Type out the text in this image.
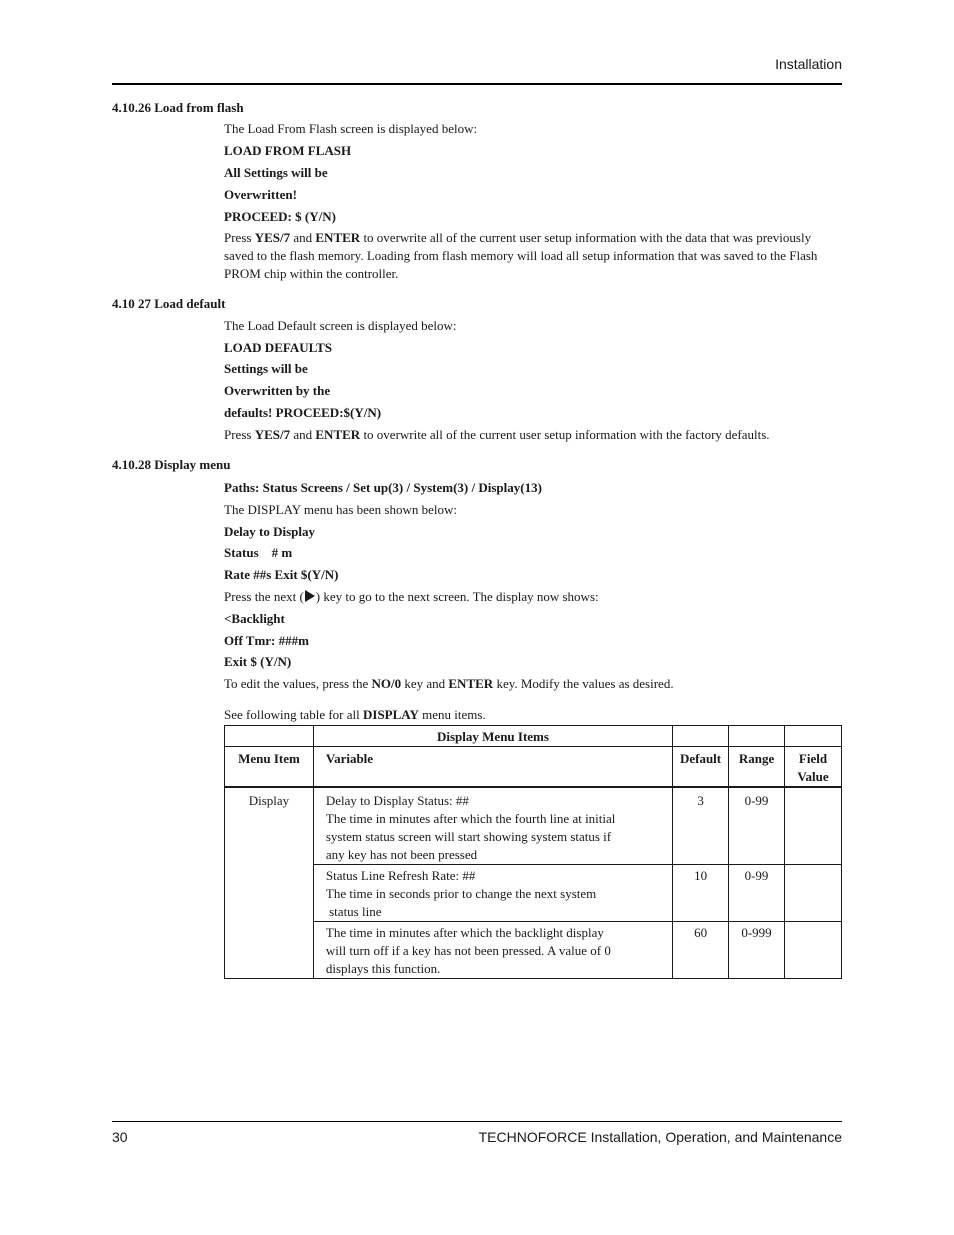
Installation
4.10.26 Load from flash
The Load From Flash screen is displayed below:
LOAD FROM FLASH
All Settings will be
Overwritten!
PROCEED: $ (Y/N)
Press YES/7 and ENTER to overwrite all of the current user setup information with the data that was previously saved to the flash memory. Loading from flash memory will load all setup information that was saved to the Flash PROM chip within the controller.
4.10 27 Load default
The Load Default screen is displayed below:
LOAD DEFAULTS
Settings will be
Overwritten by the
defaults! PROCEED:$(Y/N)
Press YES/7 and ENTER to overwrite all of the current user setup information with the factory defaults.
4.10.28 Display menu
Paths: Status Screens / Set up(3) / System(3) / Display(13)
The DISPLAY menu has been shown below:
Delay to Display
Status    # m
Rate ##s Exit $(Y/N)
Press the next ( ) key to go to the next screen. The display now shows:
<Backlight
Off Tmr: ###m
Exit $ (Y/N)
To edit the values, press the NO/0 key and ENTER key. Modify the values as desired.
See following table for all DISPLAY menu items.
	Display Menu Items			
Menu Item	Variable	Default	Range	Field
Value

Display	Delay to Display Status: ##
The time in minutes after which the fourth line at initial
system status screen will start showing system status if
any key has not been pressed	3	0-99	

	Status Line Refresh Rate: ##
The time in seconds prior to change the next system
status line	10	0-99	

	The time in minutes after which the backlight display
will turn off if a key has not been pressed. A value of 0
displays this function.	60	0-999	
30	TECHNOFORCE Installation, Operation, and Maintenance
